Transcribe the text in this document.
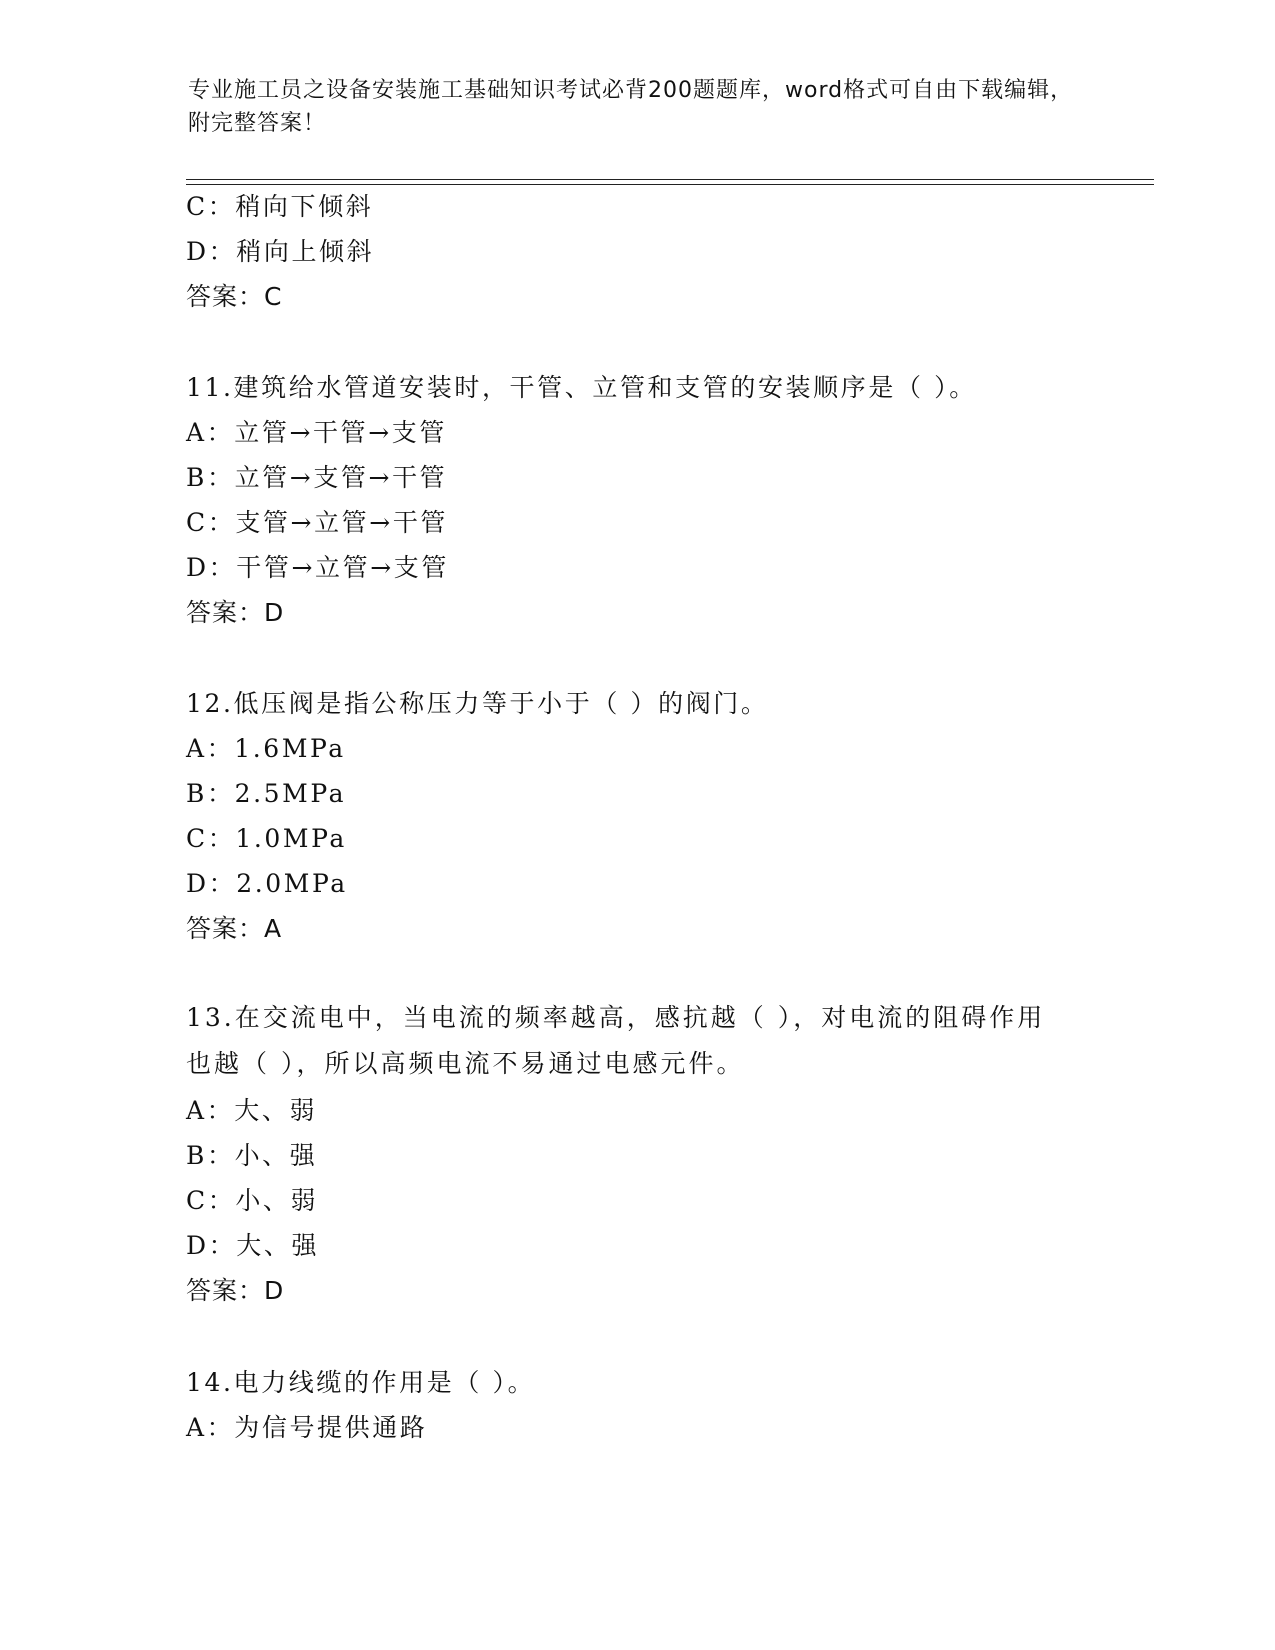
专业施工员之设备安装施工基础知识考试必背200题题库，word格式可自由下载编辑，附完整答案！
C：稍向下倾斜
D：稍向上倾斜
答案：C
11.建筑给水管道安装时，干管、立管和支管的安装顺序是（ ）。
A：立管→干管→支管
B：立管→支管→干管
C：支管→立管→干管
D：干管→立管→支管
答案：D
12.低压阀是指公称压力等于小于（ ）的阀门。
A：1.6MPa
B：2.5MPa
C：1.0MPa
D：2.0MPa
答案：A
13.在交流电中，当电流的频率越高，感抗越（ ），对电流的阻碍作用也越（ ），所以高频电流不易通过电感元件。
A：大、弱
B：小、强
C：小、弱
D：大、强
答案：D
14.电力线缆的作用是（ ）。
A：为信号提供通路
